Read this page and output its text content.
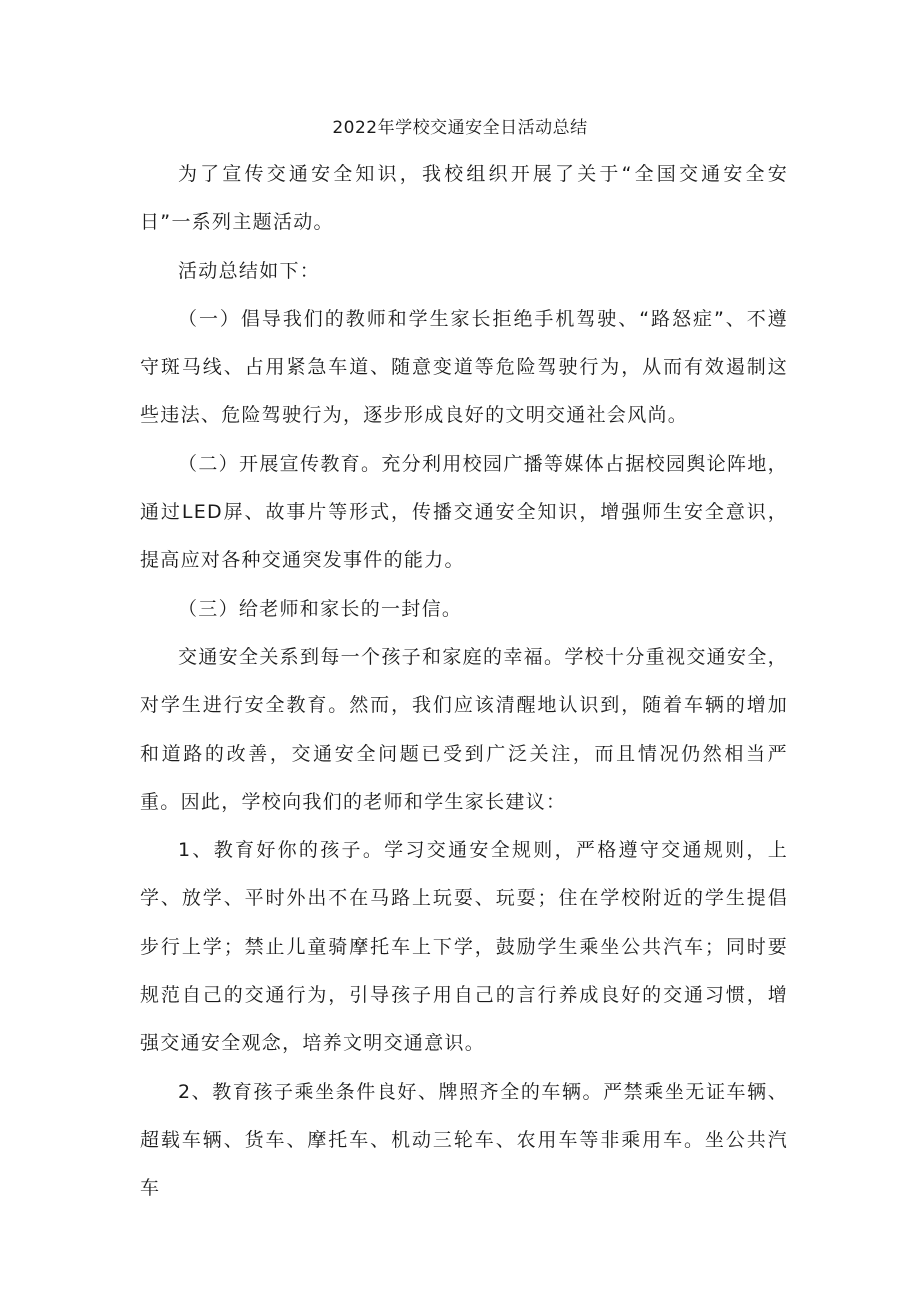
2022年学校交通安全日活动总结

为了宣传交通安全知识，我校组织开展了关于“全国交通安全安日”一系列主题活动。

活动总结如下：

（一）倡导我们的教师和学生家长拒绝手机驾驶、“路怒症”、不遵守斑马线、占用紧急车道、随意变道等危险驾驶行为，从而有效遏制这些违法、危险驾驶行为，逐步形成良好的文明交通社会风尚。

（二）开展宣传教育。充分利用校园广播等媒体占据校园舆论阵地，通过LED屏、故事片等形式，传播交通安全知识，增强师生安全意识，提高应对各种交通突发事件的能力。

（三）给老师和家长的一封信。

交通安全关系到每一个孩子和家庭的幸福。学校十分重视交通安全，对学生进行安全教育。然而，我们应该清醒地认识到，随着车辆的增加和道路的改善，交通安全问题已受到广泛关注，而且情况仍然相当严重。因此，学校向我们的老师和学生家长建议：

1、教育好你的孩子。学习交通安全规则，严格遵守交通规则，上学、放学、平时外出不在马路上玩耍、玩耍；住在学校附近的学生提倡步行上学；禁止儿童骑摩托车上下学，鼓励学生乘坐公共汽车；同时要规范自己的交通行为，引导孩子用自己的言行养成良好的交通习惯，增强交通安全观念，培养文明交通意识。

2、教育孩子乘坐条件良好、牌照齐全的车辆。严禁乘坐无证车辆、超载车辆、货车、摩托车、机动三轮车、农用车等非乘用车。坐公共汽车
